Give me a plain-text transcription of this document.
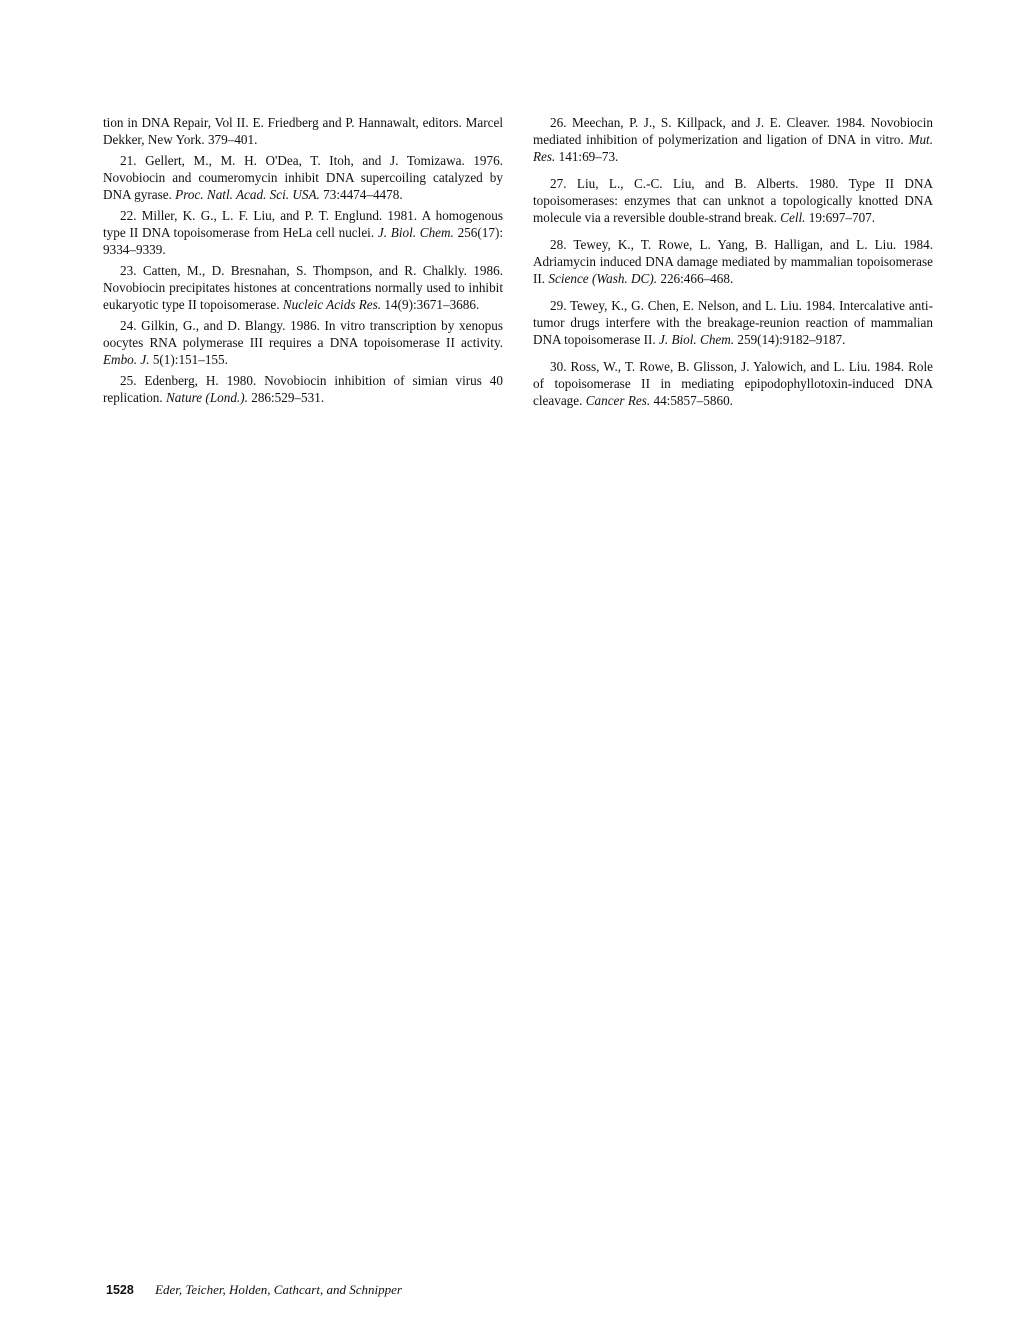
tion in DNA Repair, Vol II. E. Friedberg and P. Hannawalt, editors. Marcel Dekker, New York. 379–401.

21. Gellert, M., M. H. O'Dea, T. Itoh, and J. Tomizawa. 1976. Novobiocin and coumeromycin inhibit DNA supercoiling catalyzed by DNA gyrase. Proc. Natl. Acad. Sci. USA. 73:4474–4478.

22. Miller, K. G., L. F. Liu, and P. T. Englund. 1981. A homogenous type II DNA topoisomerase from HeLa cell nuclei. J. Biol. Chem. 256(17): 9334–9339.

23. Catten, M., D. Bresnahan, S. Thompson, and R. Chalkly. 1986. Novobiocin precipitates histones at concentrations normally used to inhibit eukaryotic type II topoisomerase. Nucleic Acids Res. 14(9):3671–3686.

24. Gilkin, G., and D. Blangy. 1986. In vitro transcription by xenopus oocytes RNA polymerase III requires a DNA topoisomerase II activity. Embo. J. 5(1):151–155.

25. Edenberg, H. 1980. Novobiocin inhibition of simian virus 40 replication. Nature (Lond.). 286:529–531.

26. Meechan, P. J., S. Killpack, and J. E. Cleaver. 1984. Novobiocin mediated inhibition of polymerization and ligation of DNA in vitro. Mut. Res. 141:69–73.

27. Liu, L., C.-C. Liu, and B. Alberts. 1980. Type II DNA topoisomerases: enzymes that can unknot a topologically knotted DNA molecule via a reversible double-strand break. Cell. 19:697–707.

28. Tewey, K., T. Rowe, L. Yang, B. Halligan, and L. Liu. 1984. Adriamycin induced DNA damage mediated by mammalian topoisomerase II. Science (Wash. DC). 226:466–468.

29. Tewey, K., G. Chen, E. Nelson, and L. Liu. 1984. Intercalative anti-tumor drugs interfere with the breakage-reunion reaction of mammalian DNA topoisomerase II. J. Biol. Chem. 259(14):9182–9187.

30. Ross, W., T. Rowe, B. Glisson, J. Yalowich, and L. Liu. 1984. Role of topoisomerase II in mediating epipodophyllotoxin-induced DNA cleavage. Cancer Res. 44:5857–5860.

1528 Eder, Teicher, Holden, Cathcart, and Schnipper
